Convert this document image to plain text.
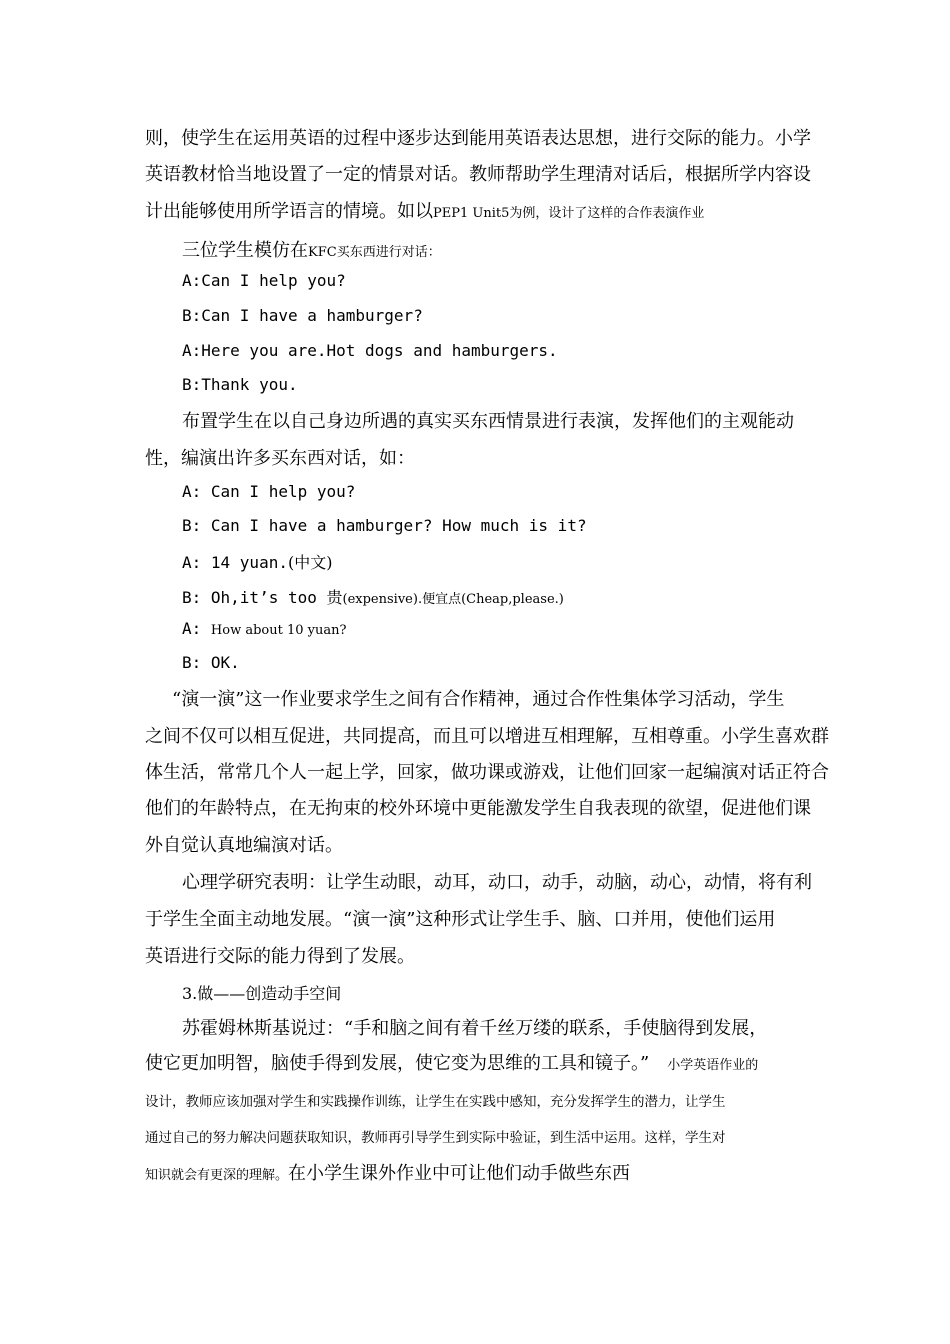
则，使学生在运用英语的过程中逐步达到能用英语表达思想，进行交际的能力。小学
英语教材恰当地设置了一定的情景对话。教师帮助学生理清对话后，根据所学内容设
计出能够使用所学语言的情境。如以PEP1 Unit5为例，设计了这样的合作表演作业
三位学生模仿在KFC买东西进行对话：
A:Can I help you?
B:Can I have a hamburger?
A:Here you are.Hot dogs and hamburgers.
B:Thank you.
布置学生在以自己身边所遇的真实买东西情景进行表演，发挥他们的主观能动
性，编演出许多买东西对话，如：
A: Can I help you?
B: Can I have a hamburger? How much is it?
A: 14 yuan.(中文)
B: Oh,it’s too 贵(expensive).便宜点(Cheap,please.)
A: How about 10 yuan?
B: OK.
“演一演”这一作业要求学生之间有合作精神，通过合作性集体学习活动，学生
之间不仅可以相互促进，共同提高，而且可以增进互相理解，互相尊重。小学生喜欢群
体生活，常常几个人一起上学，回家，做功课或游戏，让他们回家一起编演对话正符合
他们的年龄特点，在无拘束的校外环境中更能激发学生自我表现的欲望，促进他们课
外自觉认真地编演对话。
心理学研究表明：让学生动眼，动耳，动口，动手，动脑，动心，动情，将有利
于学生全面主动地发展。“演一演”这种形式让学生手、脑、口并用，使他们运用
英语进行交际的能力得到了发展。
3.做——创造动手空间
苏霍姆林斯基说过：“手和脑之间有着千丝万缕的联系，手使脑得到发展，
使它更加明智，脑使手得到发展，使它变为思维的工具和镜子。” 小学英语作业的
设计，教师应该加强对学生和实践操作训练，让学生在实践中感知，充分发挥学生的潜力，让学生
通过自己的努力解决问题获取知识，教师再引导学生到实际中验证，到生活中运用。这样，学生对
知识就会有更深的理解。在小学生课外作业中可让他们动手做些东西
